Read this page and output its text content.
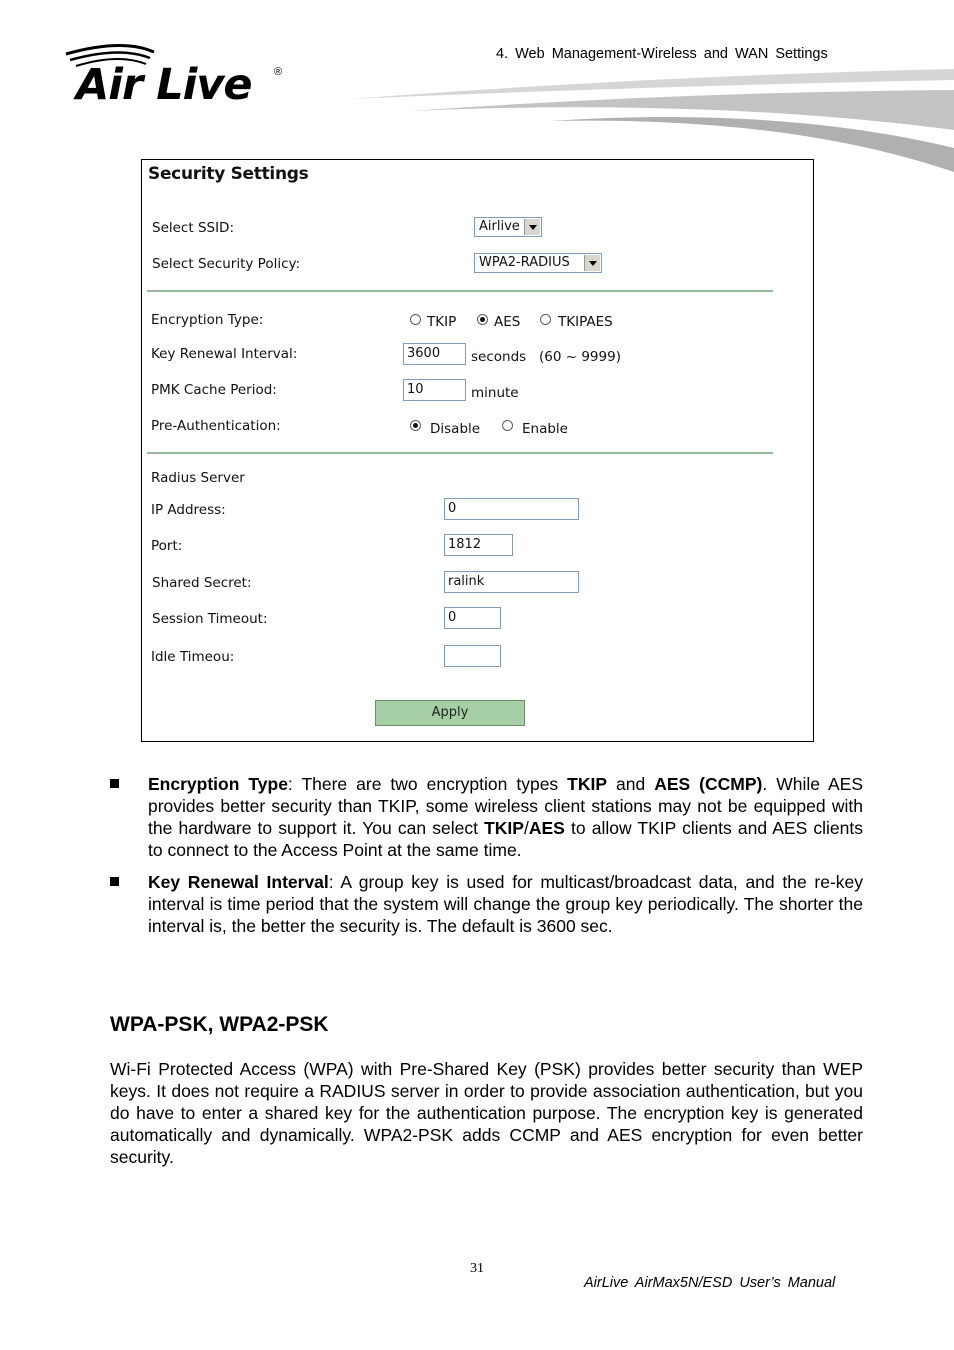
Air Live ®
4. Web Management-Wireless and WAN Settings
Security Settings
Select SSID:	Airlive
Select Security Policy:	WPA2-RADIUS
Encryption Type:	TKIP	AES	TKIPAES
Key Renewal Interval:	3600	seconds (60 ~ 9999)
PMK Cache Period:	10	minute
Pre-Authentication:	Disable	Enable
Radius Server
IP Address:	0
Port:	1812
Shared Secret:	ralink
Session Timeout:	0
Idle Timeou:
Apply
Encryption Type: There are two encryption types TKIP and AES (CCMP). While AES provides better security than TKIP, some wireless client stations may not be equipped with the hardware to support it. You can select TKIP/AES to allow TKIP clients and AES clients to connect to the Access Point at the same time.
Key Renewal Interval: A group key is used for multicast/broadcast data, and the re-key interval is time period that the system will change the group key periodically. The shorter the interval is, the better the security is. The default is 3600 sec.
WPA-PSK, WPA2-PSK
Wi-Fi Protected Access (WPA) with Pre-Shared Key (PSK) provides better security than WEP keys. It does not require a RADIUS server in order to provide association authentication, but you do have to enter a shared key for the authentication purpose. The encryption key is generated automatically and dynamically. WPA2-PSK adds CCMP and AES encryption for even better security.
31
AirLive AirMax5N/ESD User’s Manual
